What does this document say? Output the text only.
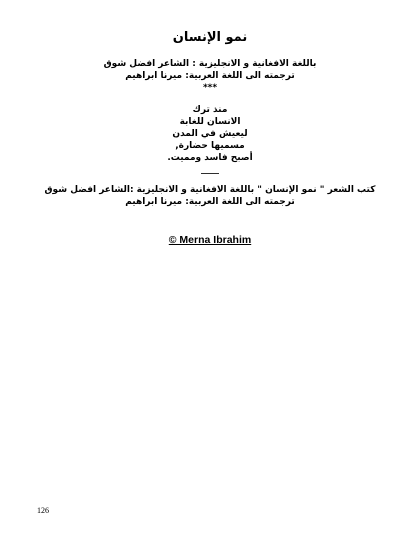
نمو الإنسان
باللغة الافغانية و الانجليزية : الشاعر افضل شوق
ترجمته الى اللغة العربية: ميرنا ابراهيم
***
منذ ترك
الانسان للغابة
ليعيش في المدن
مسميها حضارة,
أصبح فاسد ومميت.
____
كتب الشعر " نمو الإنسان " باللغة الافغانية و الانجليزية :الشاعر افضل شوق
ترجمته الى اللغة العربية: ميرنا ابراهيم
© Merna Ibrahim
126
